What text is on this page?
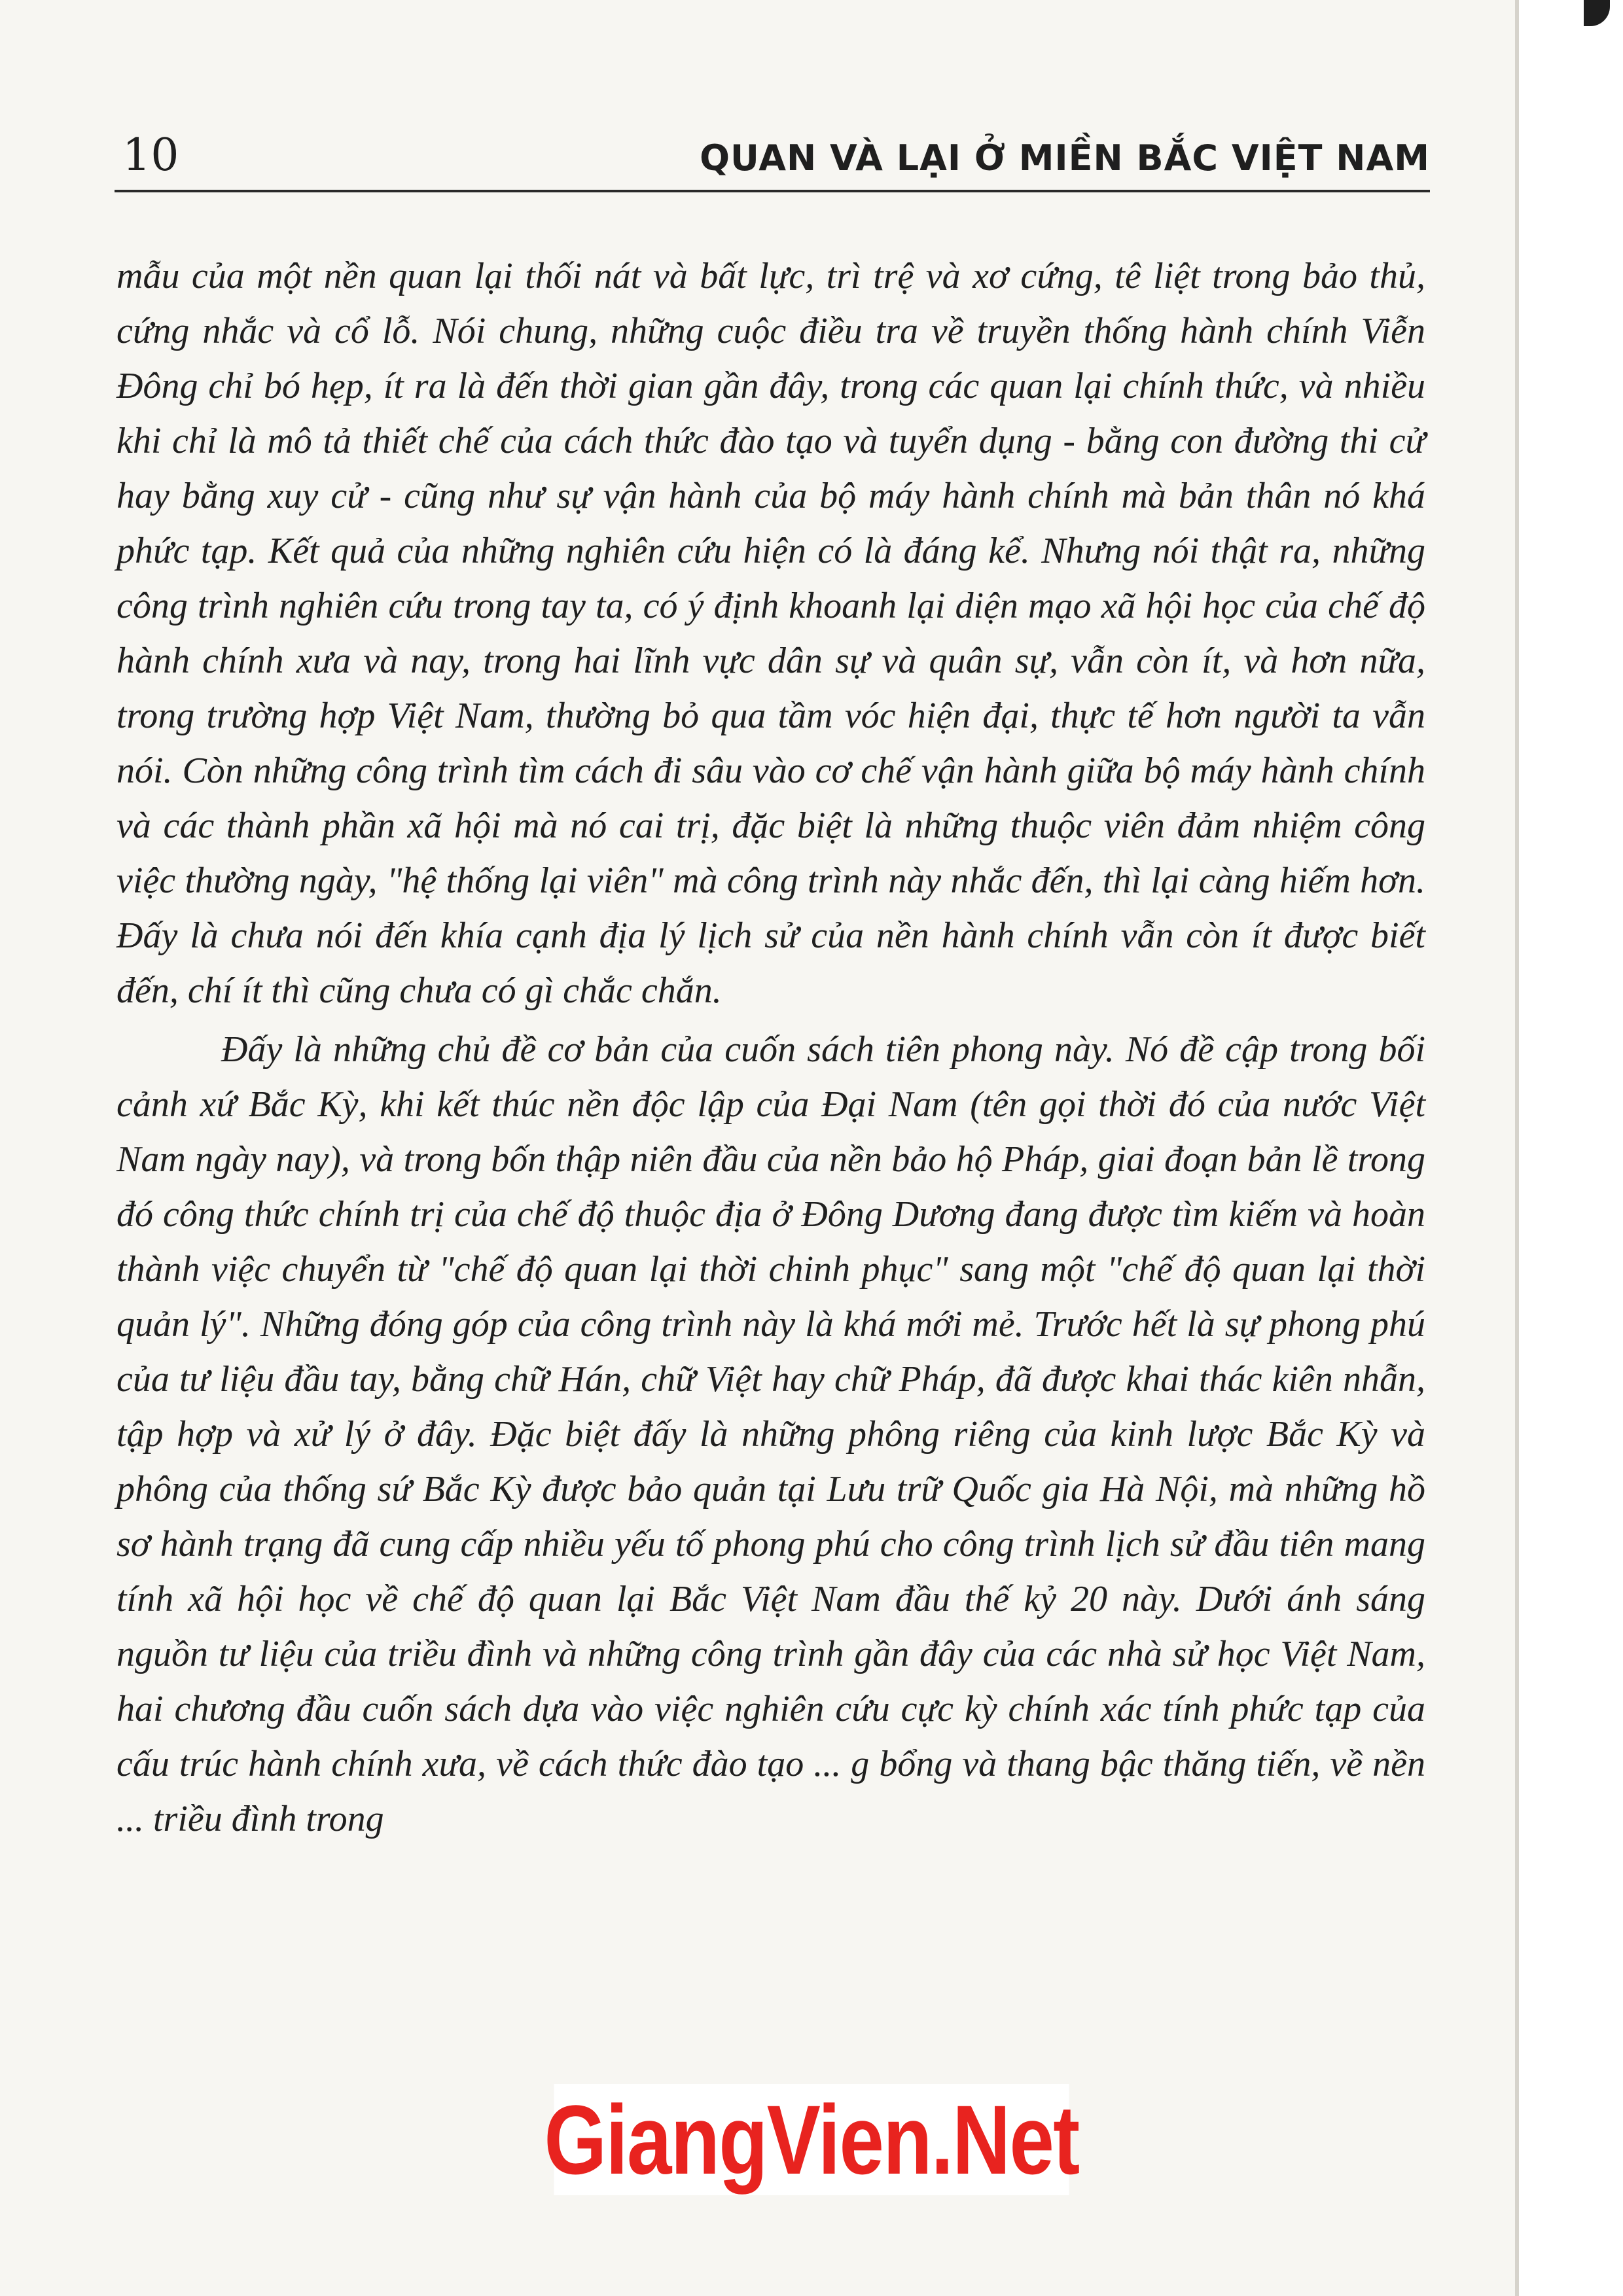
10	QUAN VÀ LẠI Ở MIỀN BẮC VIỆT NAM

mẫu của một nền quan lại thối nát và bất lực, trì trệ và xơ cứng, tê liệt trong bảo thủ, cứng nhắc và cổ lỗ. Nói chung, những cuộc điều tra về truyền thống hành chính Viễn Đông chỉ bó hẹp, ít ra là đến thời gian gần đây, trong các quan lại chính thức, và nhiều khi chỉ là mô tả thiết chế của cách thức đào tạo và tuyển dụng - bằng con đường thi cử hay bằng xuy cử - cũng như sự vận hành của bộ máy hành chính mà bản thân nó khá phức tạp. Kết quả của những nghiên cứu hiện có là đáng kể. Nhưng nói thật ra, những công trình nghiên cứu trong tay ta, có ý định khoanh lại diện mạo xã hội học của chế độ hành chính xưa và nay, trong hai lĩnh vực dân sự và quân sự, vẫn còn ít, và hơn nữa, trong trường hợp Việt Nam, thường bỏ qua tầm vóc hiện đại, thực tế hơn người ta vẫn nói. Còn những công trình tìm cách đi sâu vào cơ chế vận hành giữa bộ máy hành chính và các thành phần xã hội mà nó cai trị, đặc biệt là những thuộc viên đảm nhiệm công việc thường ngày, "hệ thống lại viên" mà công trình này nhắc đến, thì lại càng hiếm hơn. Đấy là chưa nói đến khía cạnh địa lý lịch sử của nền hành chính vẫn còn ít được biết đến, chí ít thì cũng chưa có gì chắc chắn.

Đấy là những chủ đề cơ bản của cuốn sách tiên phong này. Nó đề cập trong bối cảnh xứ Bắc Kỳ, khi kết thúc nền độc lập của Đại Nam (tên gọi thời đó của nước Việt Nam ngày nay), và trong bốn thập niên đầu của nền bảo hộ Pháp, giai đoạn bản lề trong đó công thức chính trị của chế độ thuộc địa ở Đông Dương đang được tìm kiếm và hoàn thành việc chuyển từ "chế độ quan lại thời chinh phục" sang một "chế độ quan lại thời quản lý". Những đóng góp của công trình này là khá mới mẻ. Trước hết là sự phong phú của tư liệu đầu tay, bằng chữ Hán, chữ Việt hay chữ Pháp, đã được khai thác kiên nhẫn, tập hợp và xử lý ở đây. Đặc biệt đấy là những phông riêng của kinh lược Bắc Kỳ và phông của thống sứ Bắc Kỳ được bảo quản tại Lưu trữ Quốc gia Hà Nội, mà những hồ sơ hành trạng đã cung cấp nhiều yếu tố phong phú cho công trình lịch sử đầu tiên mang tính xã hội học về chế độ quan lại Bắc Việt Nam đầu thế kỷ 20 này. Dưới ánh sáng nguồn tư liệu của triều đình và những công trình gần đây của các nhà sử học Việt Nam, hai chương đầu cuốn sách dựa vào việc nghiên cứu cực kỳ chính xác tính phức tạp của cấu trúc hành chính xưa, về cách thức đào tạo ... g bổng và thang bậc thăng tiến, về nền ... triều đình trong

GiangVien.Net
